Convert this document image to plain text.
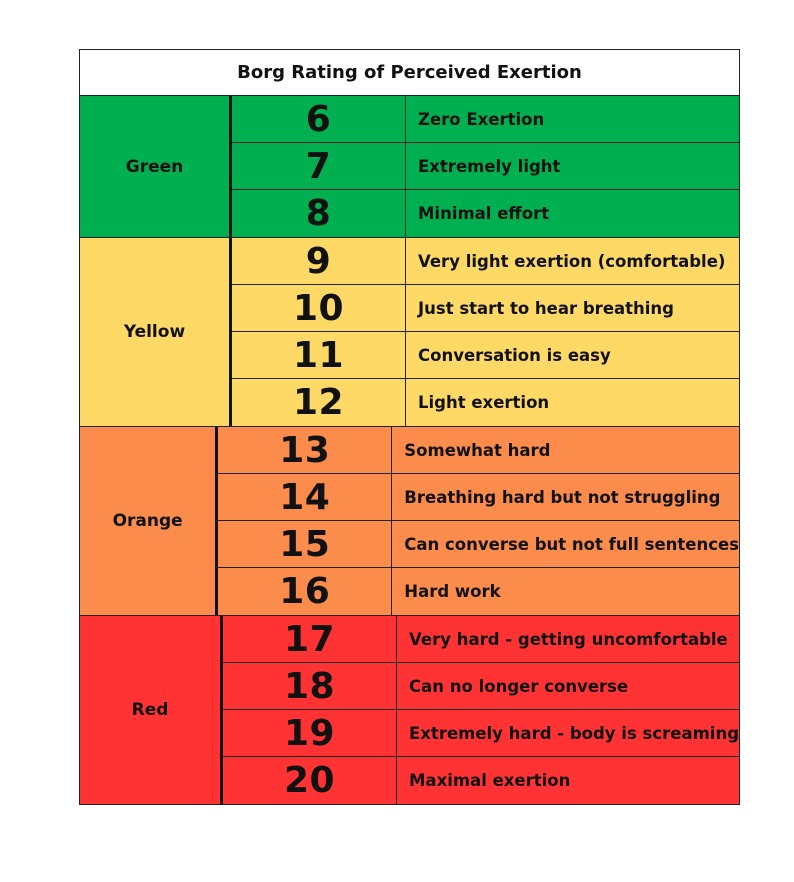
Borg Rating of Perceived Exertion
Green
6	Zero Exertion
7	Extremely light
8	Minimal effort
Yellow
9	Very light exertion (comfortable)
10	Just start to hear breathing
11	Conversation is easy
12	Light exertion
Orange
13	Somewhat hard
14	Breathing hard but not struggling
15	Can converse but not full sentences
16	Hard work
Red
17	Very hard - getting uncomfortable
18	Can no longer converse
19	Extremely hard - body is screaming
20	Maximal exertion
